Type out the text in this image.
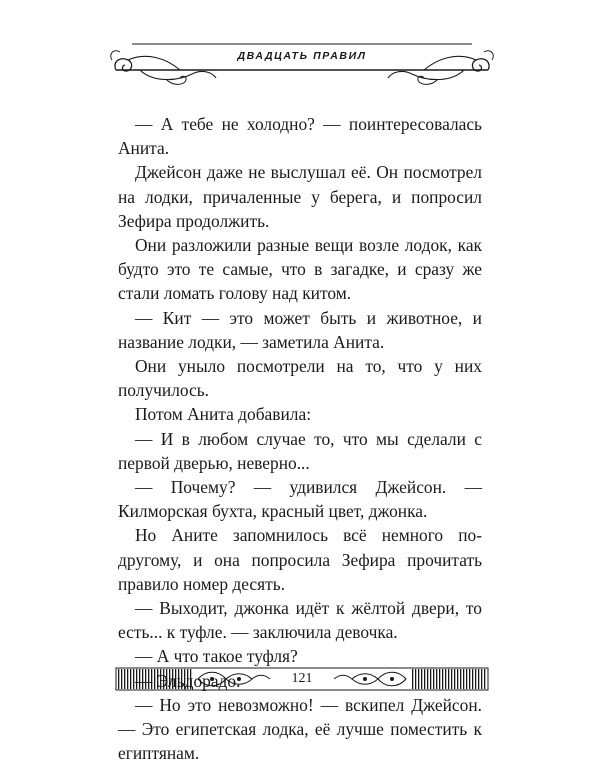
ДВАДЦАТЬ ПРАВИЛ

— А тебе не холодно? — поинтересовалась Анита.

Джейсон даже не выслушал её. Он посмотрел на лодки, причаленные у берега, и попросил Зефира продолжить.

Они разложили разные вещи возле лодок, как будто это те самые, что в загадке, и сразу же стали ломать голову над китом.

— Кит — это может быть и животное, и название лодки, — заметила Анита.

Они уныло посмотрели на то, что у них получилось.

Потом Анита добавила:

— И в любом случае то, что мы сделали с первой дверью, неверно...

— Почему? — удивился Джейсон. — Килморская бухта, красный цвет, джонка.

Но Аните запомнилось всё немного по-другому, и она попросила Зефира прочитать правило номер десять.

— Выходит, джонка идёт к жёлтой двери, то есть... к туфле. — заключила девочка.

— А что такое туфля?

Эльдорадо.

— Но это невозможно! — вскипел Джейсон. — Это египетская лодка, её лучше поместить к египтянам.

121
